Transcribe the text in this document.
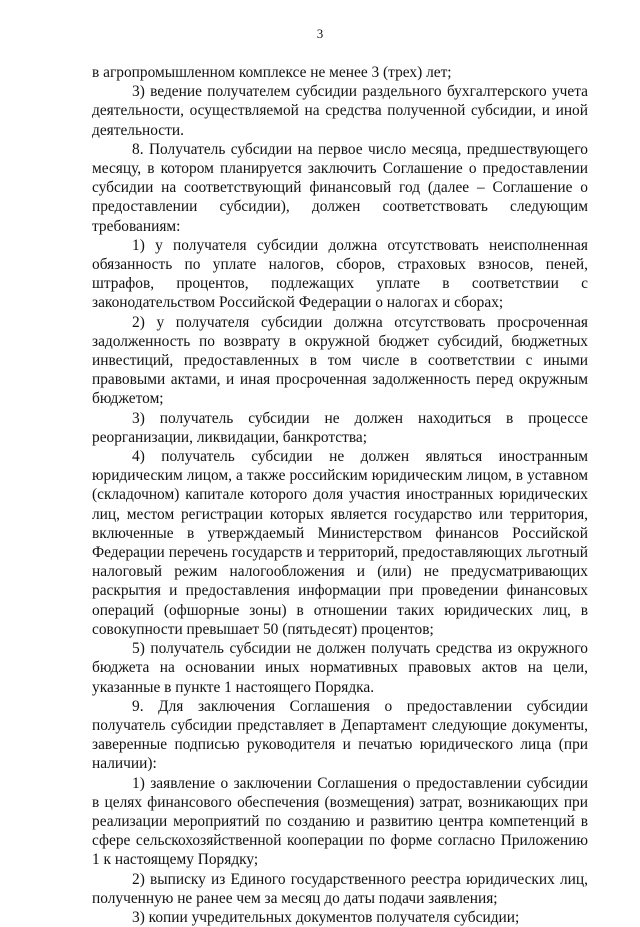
3

в агропромышленном комплексе не менее 3 (трех) лет;

3) ведение получателем субсидии раздельного бухгалтерского учета деятельности, осуществляемой на средства полученной субсидии, и иной деятельности.

8. Получатель субсидии на первое число месяца, предшествующего месяцу, в котором планируется заключить Соглашение о предоставлении субсидии на соответствующий финансовый год (далее – Соглашение о предоставлении субсидии), должен соответствовать следующим требованиям:

1) у получателя субсидии должна отсутствовать неисполненная обязанность по уплате налогов, сборов, страховых взносов, пеней, штрафов, процентов, подлежащих уплате в соответствии с законодательством Российской Федерации о налогах и сборах;

2) у получателя субсидии должна отсутствовать просроченная задолженность по возврату в окружной бюджет субсидий, бюджетных инвестиций, предоставленных в том числе в соответствии с иными правовыми актами, и иная просроченная задолженность перед окружным бюджетом;

3) получатель субсидии не должен находиться в процессе реорганизации, ликвидации, банкротства;

4) получатель субсидии не должен являться иностранным юридическим лицом, а также российским юридическим лицом, в уставном (складочном) капитале которого доля участия иностранных юридических лиц, местом регистрации которых является государство или территория, включенные в утверждаемый Министерством финансов Российской Федерации перечень государств и территорий, предоставляющих льготный налоговый режим налогообложения и (или) не предусматривающих раскрытия и предоставления информации при проведении финансовых операций (офшорные зоны) в отношении таких юридических лиц, в совокупности превышает 50 (пятьдесят) процентов;

5) получатель субсидии не должен получать средства из окружного бюджета на основании иных нормативных правовых актов на цели, указанные в пункте 1 настоящего Порядка.

9. Для заключения Соглашения о предоставлении субсидии получатель субсидии представляет в Департамент следующие документы, заверенные подписью руководителя и печатью юридического лица (при наличии):

1) заявление о заключении Соглашения о предоставлении субсидии в целях финансового обеспечения (возмещения) затрат, возникающих при реализации мероприятий по созданию и развитию центра компетенций в сфере сельскохозяйственной кооперации по форме согласно Приложению 1 к настоящему Порядку;

2) выписку из Единого государственного реестра юридических лиц, полученную не ранее чем за месяц до даты подачи заявления;

3) копии учредительных документов получателя субсидии;
